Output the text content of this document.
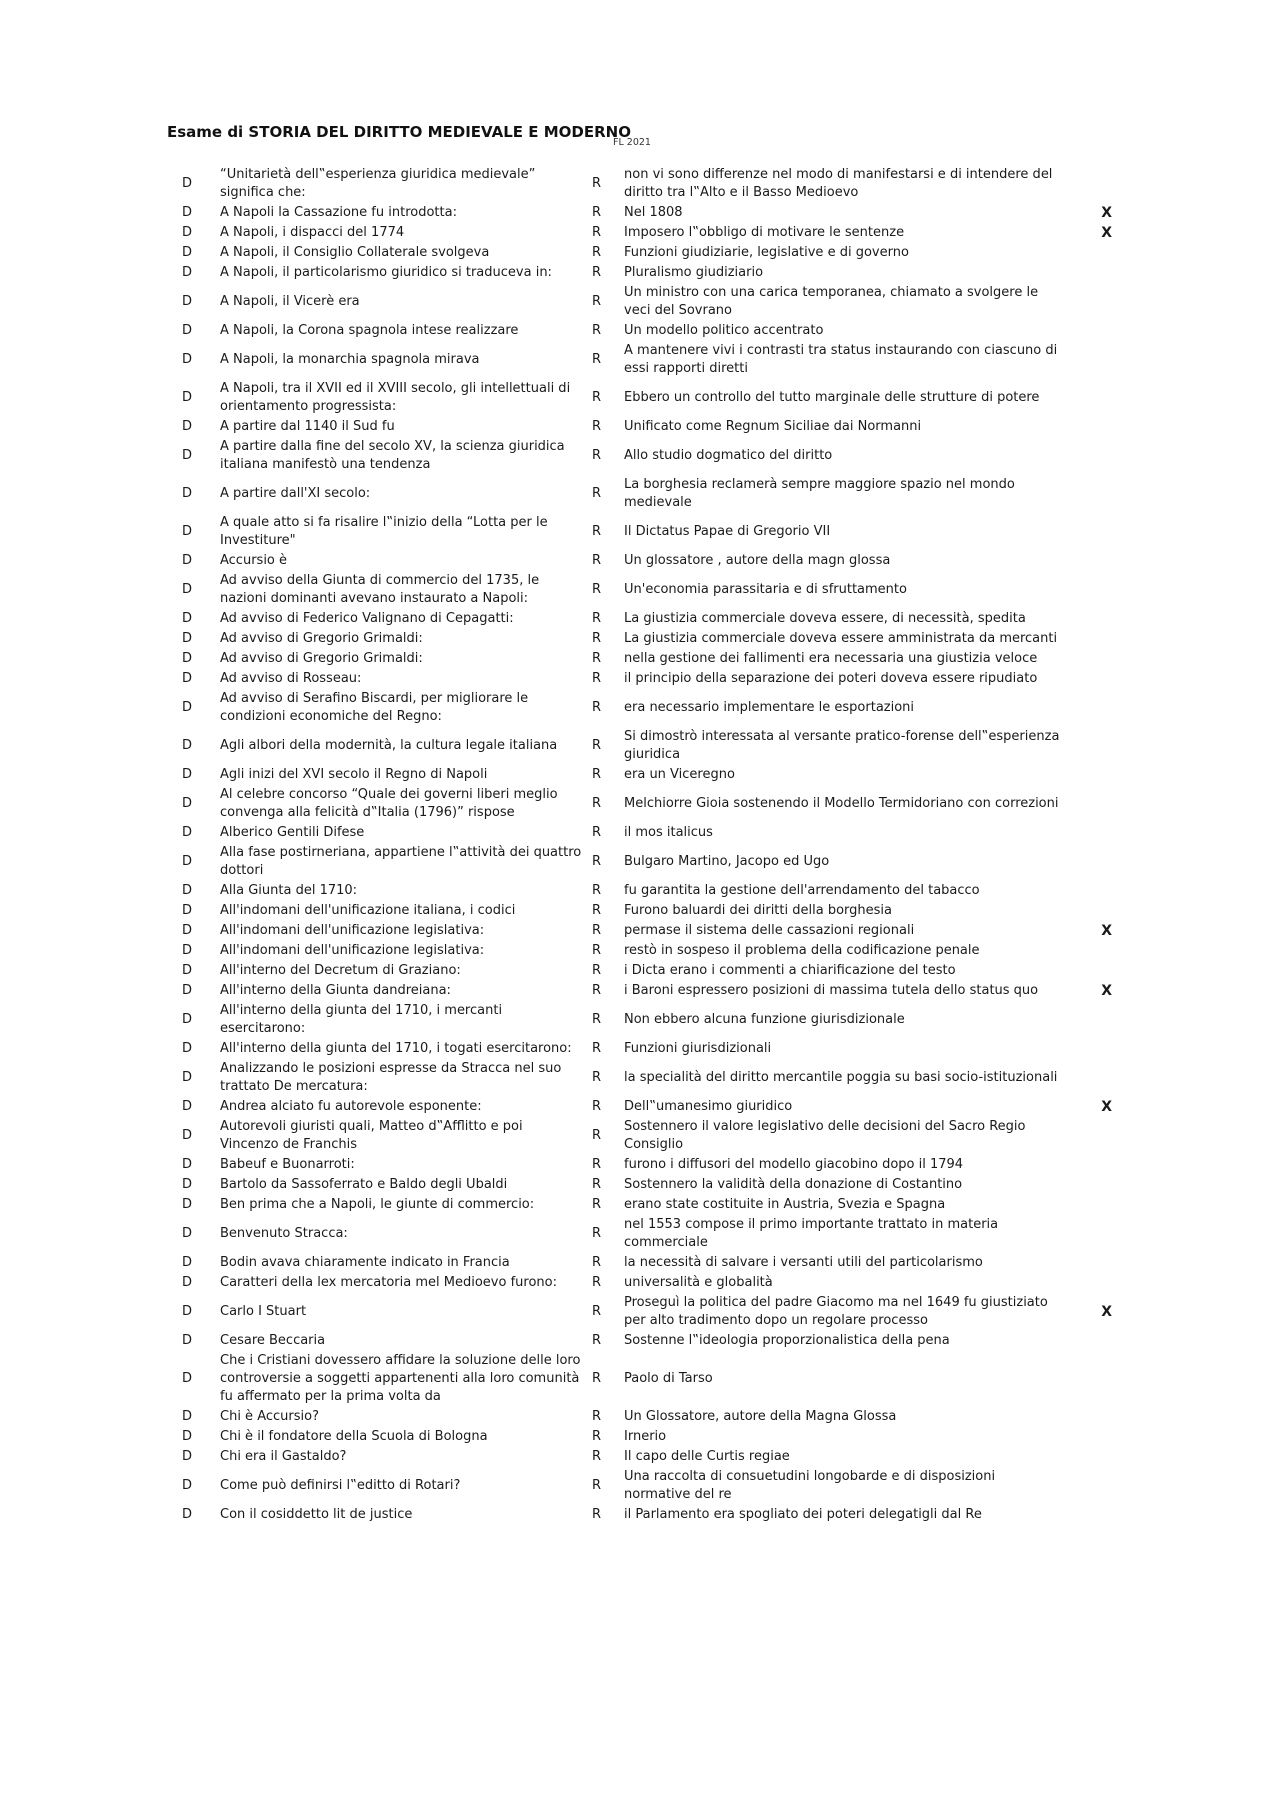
Esame di STORIA DEL DIRITTO MEDIEVALE E MODERNO
FL 2021
D	“Unitarietà dell‟esperienza giuridica medievale” significa che:	R	non vi sono differenze nel modo di manifestarsi e di intendere del diritto tra l‟Alto e il Basso Medioevo	
D	A Napoli la Cassazione fu introdotta:	R	Nel 1808	X
D	A Napoli, i dispacci del 1774	R	Imposero l‟obbligo di motivare le sentenze	X
D	A Napoli, il Consiglio Collaterale svolgeva	R	Funzioni giudiziarie, legislative e di governo	
D	A Napoli, il particolarismo giuridico si traduceva in:	R	Pluralismo giudiziario	
D	A Napoli, il Vicerè era	R	Un ministro con una carica temporanea, chiamato a svolgere le veci del Sovrano	
D	A Napoli, la Corona spagnola intese realizzare	R	Un modello politico accentrato	
D	A Napoli, la monarchia spagnola mirava	R	A mantenere vivi i contrasti tra status instaurando con ciascuno di essi rapporti diretti	
D	A Napoli, tra il XVII ed il XVIII secolo, gli intellettuali di orientamento progressista:	R	Ebbero un controllo del tutto marginale delle strutture di potere	
D	A partire dal 1140 il Sud fu	R	Unificato come Regnum Siciliae dai Normanni	
D	A partire dalla fine del secolo XV, la scienza giuridica italiana manifestò una tendenza	R	Allo studio dogmatico del diritto	
D	A partire dall'XI secolo:	R	La borghesia reclamerà sempre maggiore spazio nel mondo medievale	
D	A quale atto si fa risalire l‟inizio della “Lotta per le Investiture"	R	Il Dictatus Papae di Gregorio VII	
D	Accursio è	R	Un glossatore , autore della magn glossa	
D	Ad avviso della Giunta di commercio del 1735, le nazioni dominanti avevano instaurato a Napoli:	R	Un'economia parassitaria e di sfruttamento	
D	Ad avviso di Federico Valignano di Cepagatti:	R	La giustizia commerciale doveva essere, di necessità, spedita	
D	Ad avviso di Gregorio Grimaldi:	R	La giustizia commerciale doveva essere amministrata da mercanti	
D	Ad avviso di Gregorio Grimaldi:	R	nella gestione dei fallimenti era necessaria una giustizia veloce	
D	Ad avviso di Rosseau:	R	il principio della separazione dei poteri doveva essere ripudiato	
D	Ad avviso di Serafino Biscardi, per migliorare le condizioni economiche del Regno:	R	era necessario implementare le esportazioni	
D	Agli albori della modernità, la cultura legale italiana	R	Si dimostrò interessata al versante pratico-forense dell‟esperienza giuridica	
D	Agli inizi del XVI secolo il Regno di Napoli	R	era un Viceregno	
D	Al celebre concorso “Quale dei governi liberi meglio convenga alla felicità d‟Italia (1796)” rispose	R	Melchiorre Gioia sostenendo il Modello Termidoriano con correzioni	
D	Alberico Gentili Difese	R	il mos italicus	
D	Alla fase postirneriana, appartiene l‟attività dei quattro dottori	R	Bulgaro Martino, Jacopo ed Ugo	
D	Alla Giunta del 1710:	R	fu garantita la gestione dell'arrendamento del tabacco	
D	All'indomani dell'unificazione italiana, i codici	R	Furono baluardi dei diritti della borghesia	
D	All'indomani dell'unificazione legislativa:	R	permase il sistema delle cassazioni regionali	X
D	All'indomani dell'unificazione legislativa:	R	restò in sospeso il problema della codificazione penale	
D	All'interno del Decretum di Graziano:	R	i Dicta erano i commenti a chiarificazione del testo	
D	All'interno della Giunta dandreiana:	R	i Baroni espressero posizioni di massima tutela dello status quo	X
D	All'interno della giunta del 1710, i mercanti esercitarono:	R	Non ebbero alcuna funzione giurisdizionale	
D	All'interno della giunta del 1710, i togati esercitarono:	R	Funzioni giurisdizionali	
D	Analizzando le posizioni espresse da Stracca nel suo trattato De mercatura:	R	la specialità del diritto mercantile poggia su basi socio-istituzionali	
D	Andrea alciato fu autorevole esponente:	R	Dell‟umanesimo giuridico	X
D	Autorevoli giuristi quali, Matteo d‟Afflitto e poi Vincenzo de Franchis	R	Sostennero il valore legislativo delle decisioni del Sacro Regio Consiglio	
D	Babeuf e Buonarroti:	R	furono i diffusori del modello giacobino dopo il 1794	
D	Bartolo da Sassoferrato e Baldo degli Ubaldi	R	Sostennero la validità della donazione di Costantino	
D	Ben prima che a Napoli, le giunte di commercio:	R	erano state costituite in Austria, Svezia e Spagna	
D	Benvenuto Stracca:	R	nel 1553 compose il primo importante trattato in materia commerciale	
D	Bodin avava chiaramente indicato in Francia	R	la necessità di salvare i versanti utili del particolarismo	
D	Caratteri della lex mercatoria mel Medioevo furono:	R	universalità e globalità	
D	Carlo I Stuart	R	Proseguì la politica del padre Giacomo ma nel 1649 fu giustiziato per alto tradimento dopo un regolare processo	X
D	Cesare Beccaria	R	Sostenne l‟ideologia proporzionalistica della pena	
D	Che i Cristiani dovessero affidare la soluzione delle loro controversie a soggetti appartenenti alla loro comunità fu affermato per la prima volta da	R	Paolo di Tarso	
D	Chi è Accursio?	R	Un Glossatore, autore della Magna Glossa	
D	Chi è il fondatore della Scuola di Bologna	R	Irnerio	
D	Chi era il Gastaldo?	R	Il capo delle Curtis regiae	
D	Come può definirsi l‟editto di Rotari?	R	Una raccolta di consuetudini longobarde e di disposizioni normative del re	
D	Con il cosiddetto lit de justice	R	il Parlamento era spogliato dei poteri delegatigli dal Re	
